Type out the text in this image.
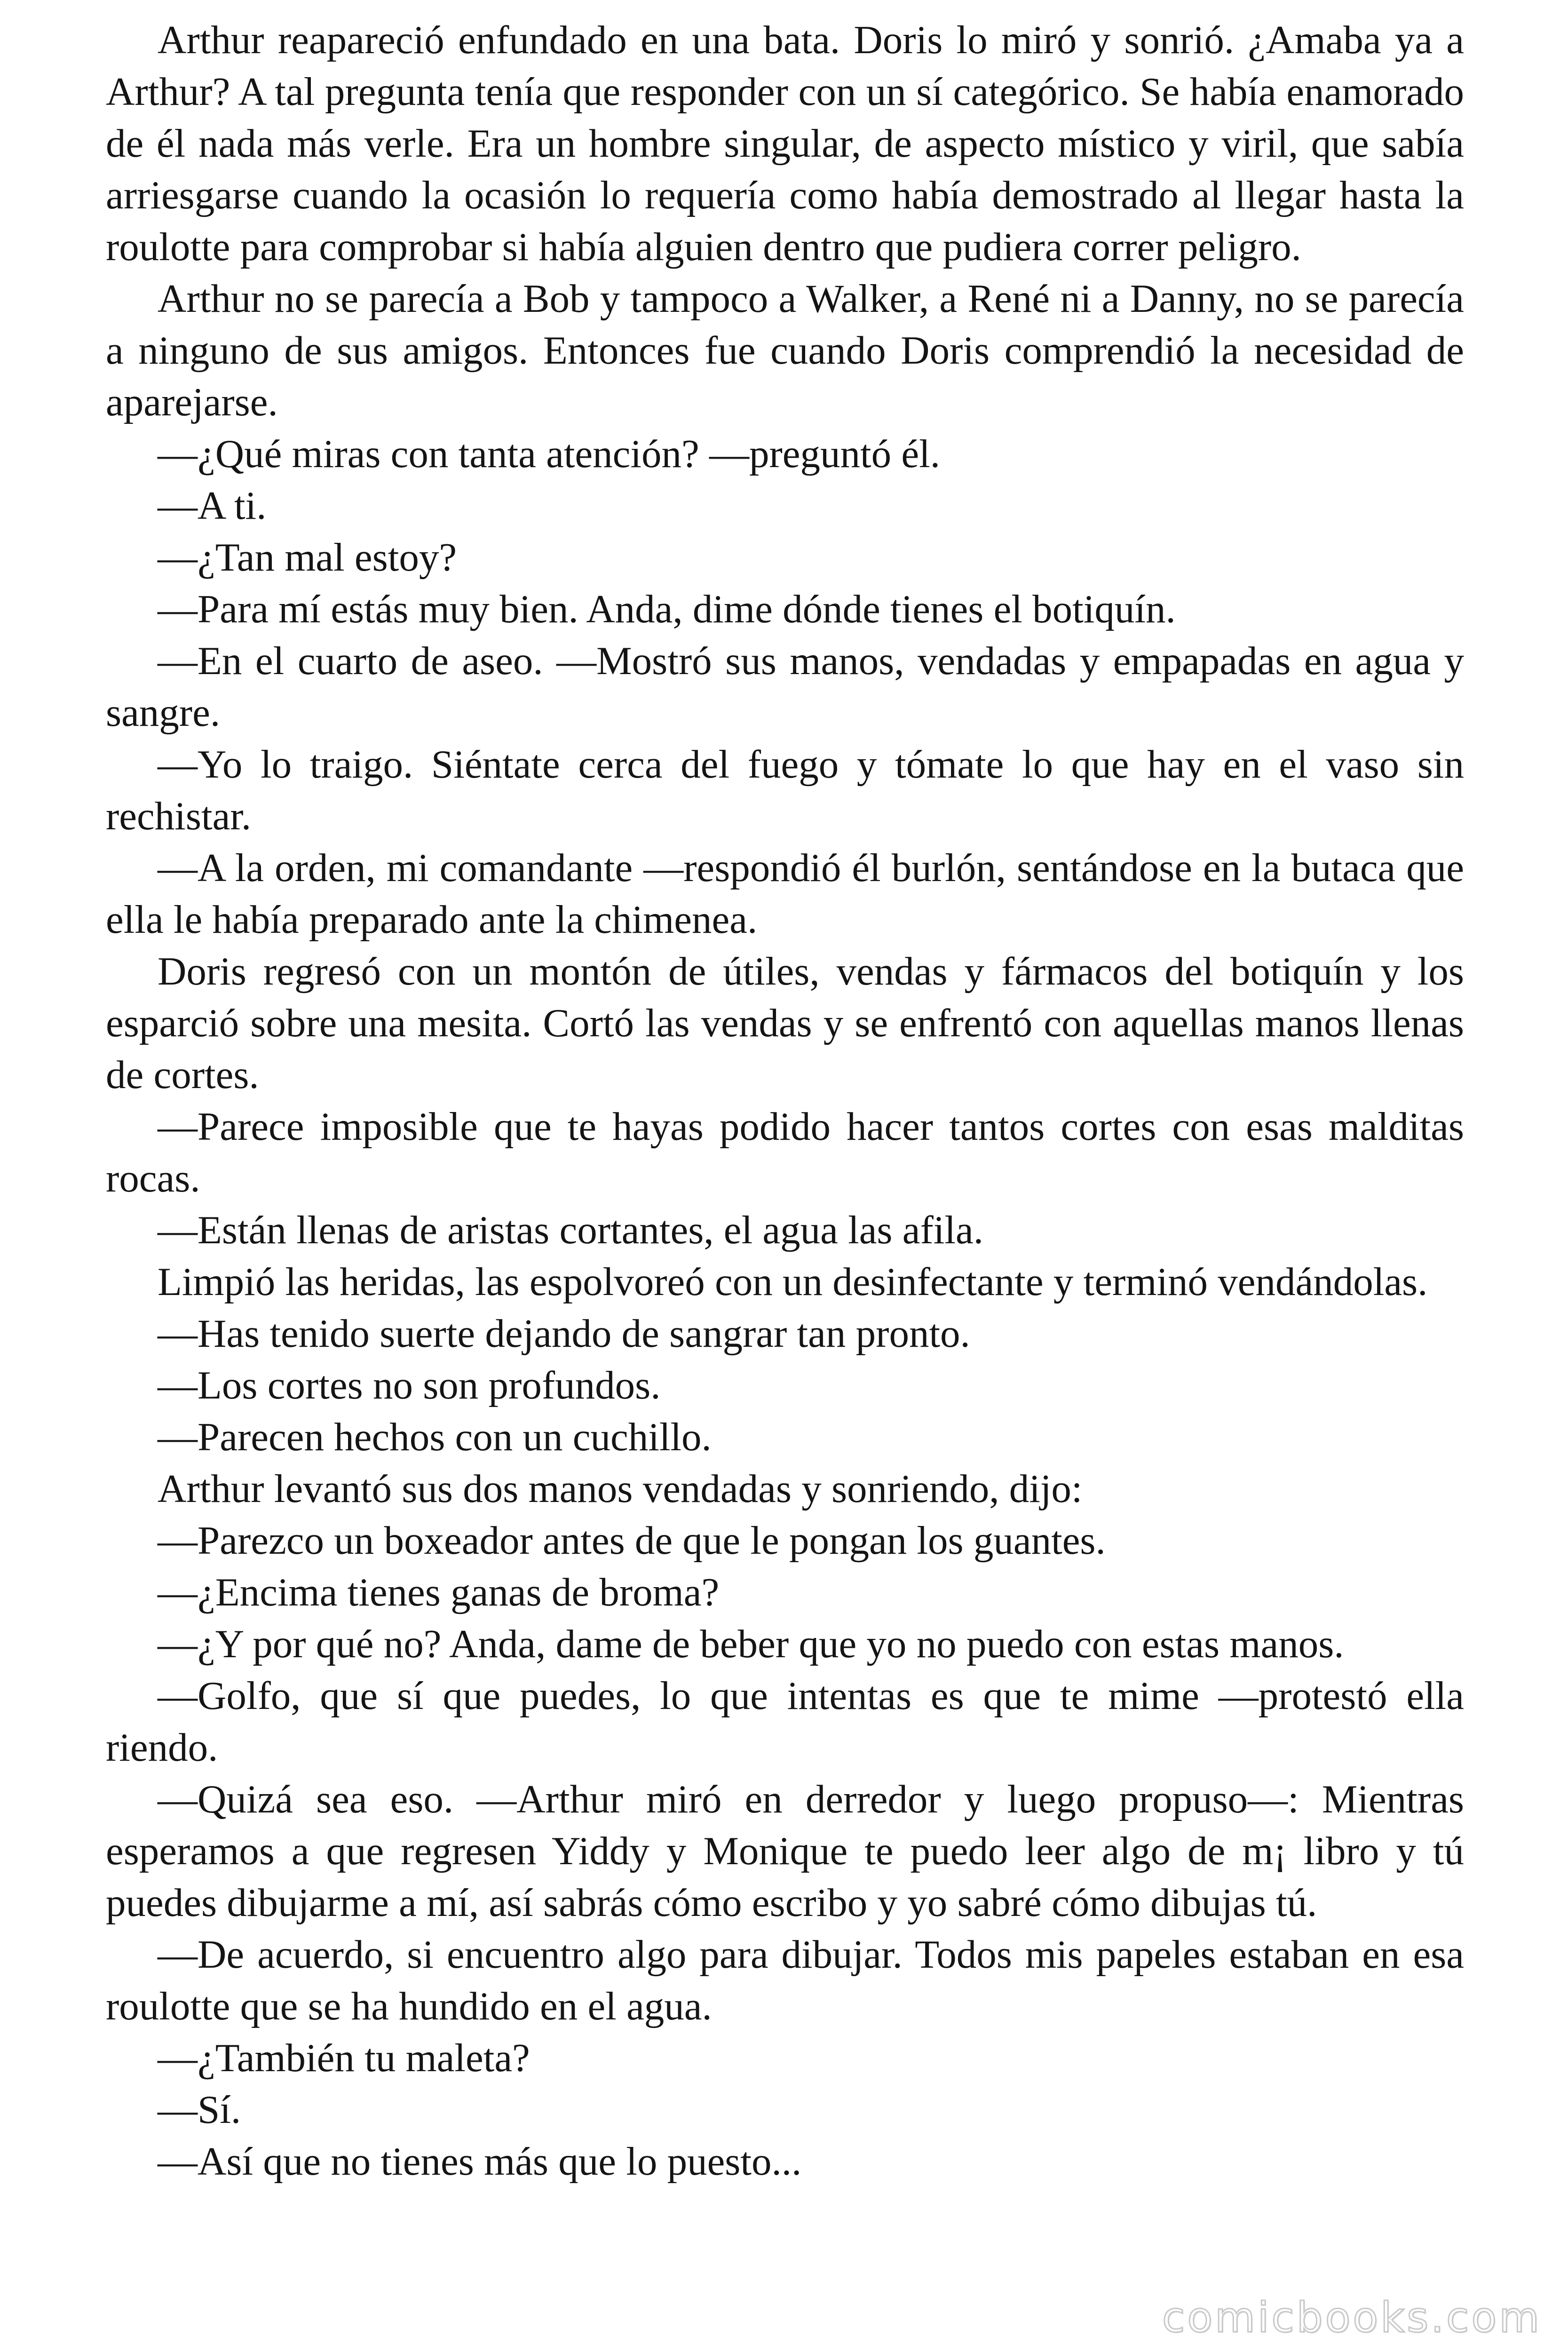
Arthur reapareció enfundado en una bata. Doris lo miró y sonrió. ¿Amaba ya a Arthur? A tal pregunta tenía que responder con un sí categórico. Se había enamorado de él nada más verle. Era un hombre singular, de aspecto místico y viril, que sabía arriesgarse cuando la ocasión lo requería como había demostrado al llegar hasta la roulotte para comprobar si había alguien dentro que pudiera correr peligro.

Arthur no se parecía a Bob y tampoco a Walker, a René ni a Danny, no se parecía a ninguno de sus amigos. Entonces fue cuando Doris comprendió la necesidad de aparejarse.

—¿Qué miras con tanta atención? —preguntó él.

—A ti.

—¿Tan mal estoy?

—Para mí estás muy bien. Anda, dime dónde tienes el botiquín.

—En el cuarto de aseo. —Mostró sus manos, vendadas y empapadas en agua y sangre.

—Yo lo traigo. Siéntate cerca del fuego y tómate lo que hay en el vaso sin rechistar.

—A la orden, mi comandante —respondió él burlón, sentándose en la butaca que ella le había preparado ante la chimenea.

Doris regresó con un montón de útiles, vendas y fármacos del botiquín y los esparció sobre una mesita. Cortó las vendas y se enfrentó con aquellas manos llenas de cortes.

—Parece imposible que te hayas podido hacer tantos cortes con esas malditas rocas.

—Están llenas de aristas cortantes, el agua las afila.

Limpió las heridas, las espolvoreó con un desinfectante y terminó vendándolas.

—Has tenido suerte dejando de sangrar tan pronto.

—Los cortes no son profundos.

—Parecen hechos con un cuchillo.

Arthur levantó sus dos manos vendadas y sonriendo, dijo:

—Parezco un boxeador antes de que le pongan los guantes.

—¿Encima tienes ganas de broma?

—¿Y por qué no? Anda, dame de beber que yo no puedo con estas manos.

—Golfo, que sí que puedes, lo que intentas es que te mime —protestó ella riendo.

—Quizá sea eso. —Arthur miró en derredor y luego propuso—: Mientras esperamos a que regresen Yiddy y Monique te puedo leer algo de m¡ libro y tú puedes dibujarme a mí, así sabrás cómo escribo y yo sabré cómo dibujas tú.

—De acuerdo, si encuentro algo para dibujar. Todos mis papeles estaban en esa roulotte que se ha hundido en el agua.

—¿También tu maleta?

—Sí.

—Así que no tienes más que lo puesto...

comicbooks.com
